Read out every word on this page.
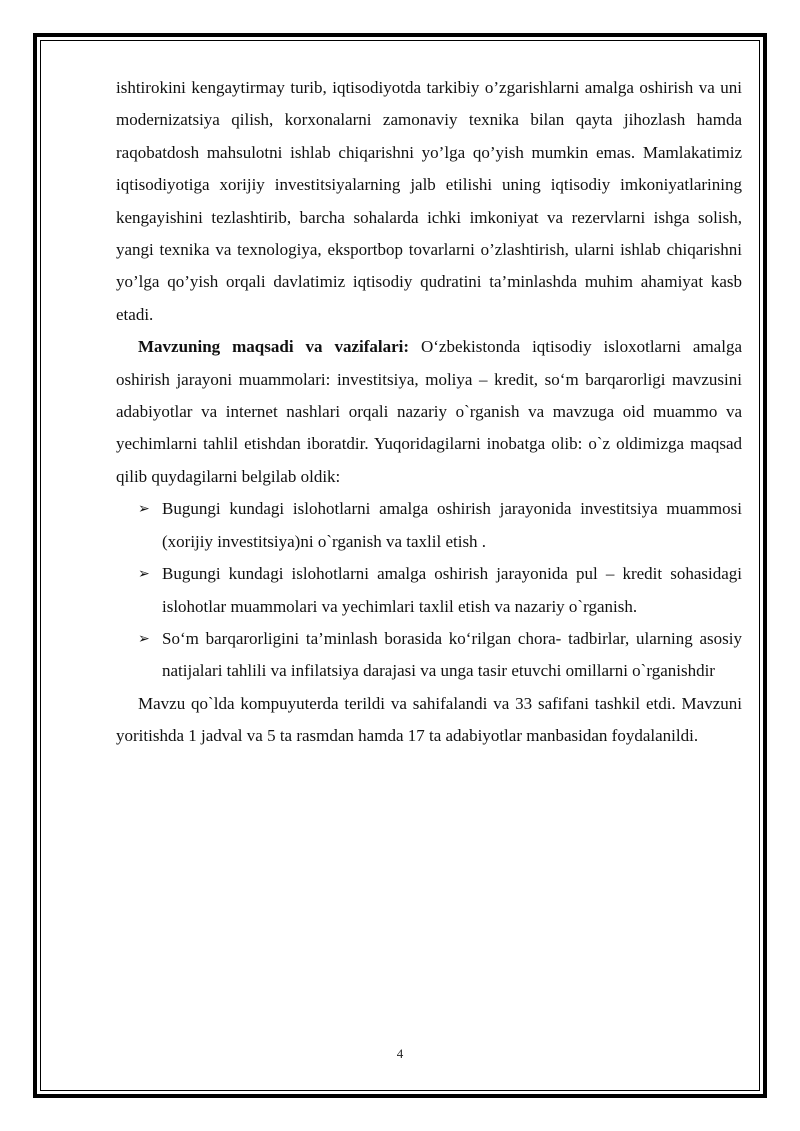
ishtirokini kengaytirmay turib, iqtisodiyotda tarkibiy o’zgarishlarni amalga oshirish va uni modernizatsiya qilish, korxonalarni zamonaviy texnika bilan qayta jihozlash hamda raqobatdosh mahsulotni ishlab chiqarishni yo’lga qo’yish mumkin emas. Mamlakatimiz iqtisodiyotiga xorijiy investitsiyalarning jalb etilishi uning iqtisodiy imkoniyatlarining kengayishini tezlashtirib, barcha sohalarda ichki imkoniyat va rezervlarni ishga solish, yangi texnika va texnologiya, eksportbop tovarlarni o’zlashtirish, ularni ishlab chiqarishni yo’lga qo’yish orqali davlatimiz iqtisodiy qudratini ta’minlashda muhim ahamiyat kasb etadi.

Mavzuning maqsadi va vazifalari: O‘zbekistonda iqtisodiy isloxotlarni amalga oshirish jarayoni muammolari: investitsiya, moliya – kredit, so‘m barqarorligi mavzusini adabiyotlar va internet nashlari orqali nazariy o`rganish va mavzuga oid muammo va yechimlarni tahlil etishdan iboratdir. Yuqoridagilarni inobatga olib: o`z oldimizga maqsad qilib quydagilarni belgilab oldik:

➢ Bugungi kundagi islohotlarni amalga oshirish jarayonida investitsiya muammosi (xorijiy investitsiya)ni o`rganish va taxlil etish .
➢ Bugungi kundagi islohotlarni amalga oshirish jarayonida pul – kredit sohasidagi islohotlar muammolari va yechimlari taxlil etish va nazariy o`rganish.
➢ So‘m barqarorligini ta’minlash borasida ko‘rilgan chora- tadbirlar, ularning asosiy natijalari tahlili va infilatsiya darajasi va unga tasir etuvchi omillarni o`rganishdir

Mavzu qo`lda kompuyuterda terildi va sahifalandi va 33 safifani tashkil etdi. Mavzuni yoritishda 1 jadval va 5 ta rasmdan hamda 17 ta adabiyotlar manbasidan foydalanildi.

4
